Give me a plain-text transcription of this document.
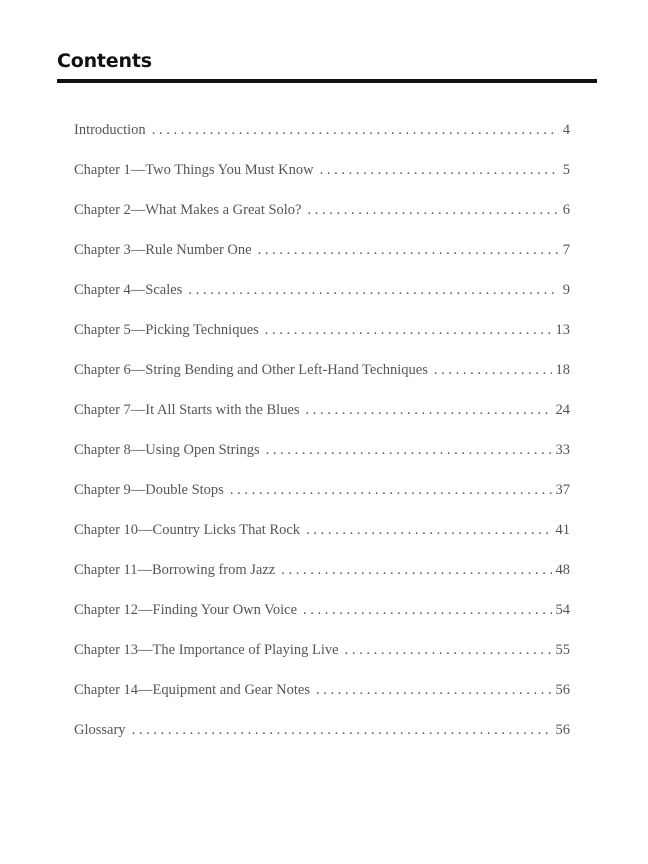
Contents
Introduction . . .	4
Chapter 1—Two Things You Must Know . . .	5
Chapter 2—What Makes a Great Solo? . . .	6
Chapter 3—Rule Number One . . .	7
Chapter 4—Scales . . .	9
Chapter 5—Picking Techniques . . .	13
Chapter 6—String Bending and Other Left-Hand Techniques . . .	18
Chapter 7—It All Starts with the Blues . . .	24
Chapter 8—Using Open Strings . . .	33
Chapter 9—Double Stops . . .	37
Chapter 10—Country Licks That Rock . . .	41
Chapter 11—Borrowing from Jazz . . .	48
Chapter 12—Finding Your Own Voice . . .	54
Chapter 13—The Importance of Playing Live . . .	55
Chapter 14—Equipment and Gear Notes . . .	56
Glossary . . .	56
